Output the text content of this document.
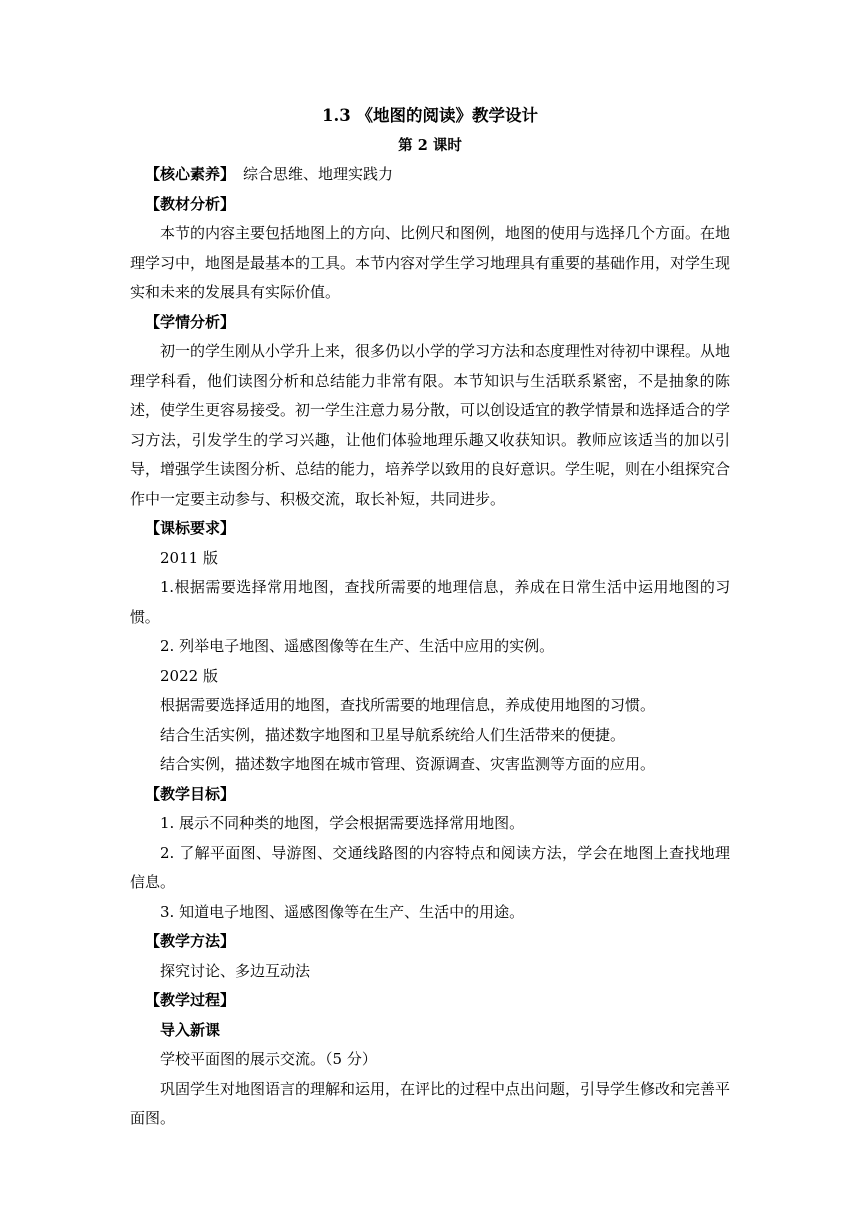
1.3 《地图的阅读》教学设计
第 2 课时

【核心素养】 综合思维、地理实践力

【教材分析】

本节的内容主要包括地图上的方向、比例尺和图例，地图的使用与选择几个方面。在地理学习中，地图是最基本的工具。本节内容对学生学习地理具有重要的基础作用，对学生现实和未来的发展具有实际价值。

【学情分析】

初一的学生刚从小学升上来，很多仍以小学的学习方法和态度理性对待初中课程。从地理学科看，他们读图分析和总结能力非常有限。本节知识与生活联系紧密，不是抽象的陈述，使学生更容易接受。初一学生注意力易分散，可以创设适宜的教学情景和选择适合的学习方法，引发学生的学习兴趣，让他们体验地理乐趣又收获知识。教师应该适当的加以引导，增强学生读图分析、总结的能力，培养学以致用的良好意识。学生呢，则在小组探究合作中一定要主动参与、积极交流，取长补短，共同进步。

【课标要求】

2011 版

1.根据需要选择常用地图，查找所需要的地理信息，养成在日常生活中运用地图的习惯。

2. 列举电子地图、遥感图像等在生产、生活中应用的实例。

2022 版

根据需要选择适用的地图，查找所需要的地理信息，养成使用地图的习惯。

结合生活实例，描述数字地图和卫星导航系统给人们生活带来的便捷。

结合实例，描述数字地图在城市管理、资源调查、灾害监测等方面的应用。

【教学目标】

1. 展示不同种类的地图，学会根据需要选择常用地图。

2. 了解平面图、导游图、交通线路图的内容特点和阅读方法，学会在地图上查找地理信息。

3. 知道电子地图、遥感图像等在生产、生活中的用途。

【教学方法】

探究讨论、多边互动法

【教学过程】

导入新课

学校平面图的展示交流。（5 分）

巩固学生对地图语言的理解和运用，在评比的过程中点出问题，引导学生修改和完善平面图。
